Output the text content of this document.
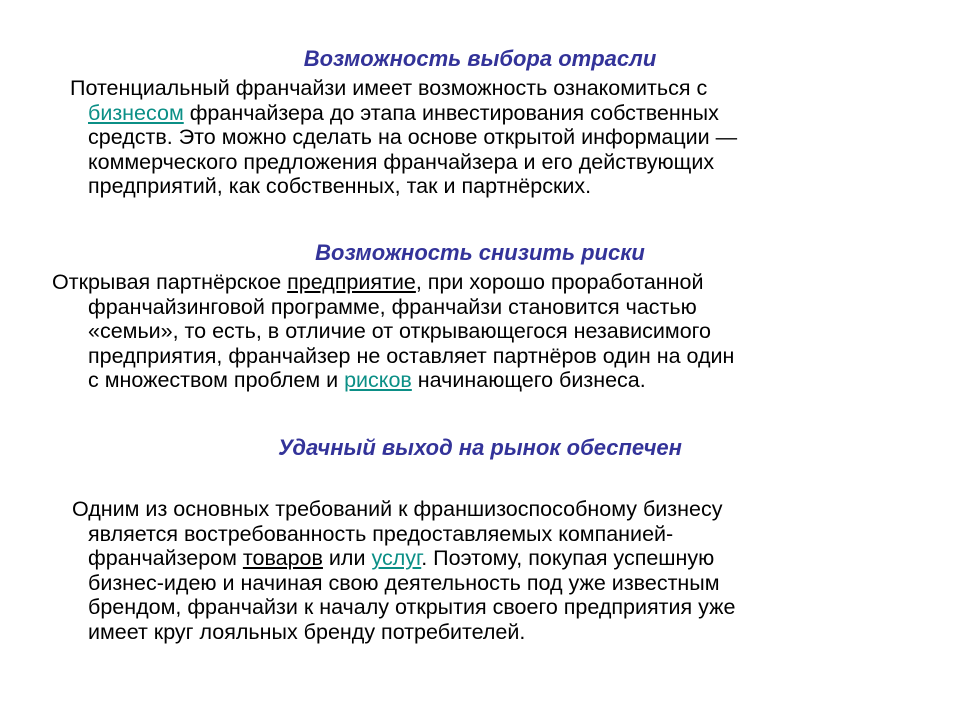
Возможность выбора отрасли

Потенциальный франчайзи имеет возможность ознакомиться с
бизнесом франчайзера до этапа инвестирования собственных
средств. Это можно сделать на основе открытой информации —
коммерческого предложения франчайзера и его действующих
предприятий, как собственных, так и партнёрских.

Возможность снизить риски

Открывая партнёрское предприятие, при хорошо проработанной
франчайзинговой программе, франчайзи становится частью
«семьи», то есть, в отличие от открывающегося независимого
предприятия, франчайзер не оставляет партнёров один на один
с множеством проблем и рисков начинающего бизнеса.

Удачный выход на рынок обеспечен

Одним из основных требований к франшизоспособному бизнесу
является востребованность предоставляемых компанией-
франчайзером товаров или услуг. Поэтому, покупая успешную
бизнес-идею и начиная свою деятельность под уже известным
брендом, франчайзи к началу открытия своего предприятия уже
имеет круг лояльных бренду потребителей.
